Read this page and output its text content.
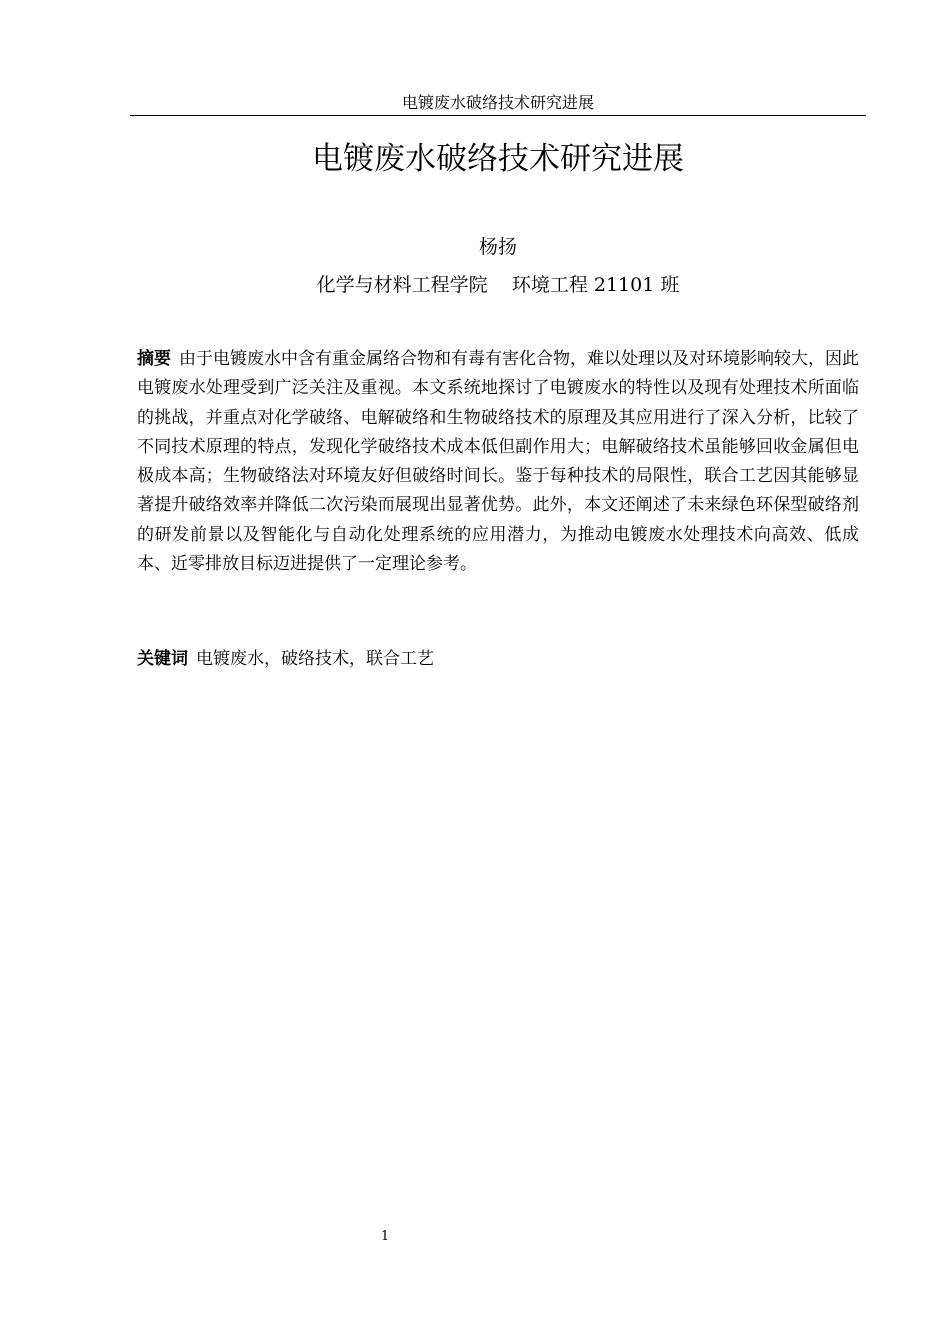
电镀废水破络技术研究进展
电镀废水破络技术研究进展
杨扬
化学与材料工程学院    环境工程 21101 班

摘要 由于电镀废水中含有重金属络合物和有毒有害化合物，难以处理以及对环境影响较大，因此电镀废水处理受到广泛关注及重视。本文系统地探讨了电镀废水的特性以及现有处理技术所面临的挑战，并重点对化学破络、电解破络和生物破络技术的原理及其应用进行了深入分析，比较了不同技术原理的特点，发现化学破络技术成本低但副作用大；电解破络技术虽能够回收金属但电极成本高；生物破络法对环境友好但破络时间长。鉴于每种技术的局限性，联合工艺因其能够显著提升破络效率并降低二次污染而展现出显著优势。此外，本文还阐述了未来绿色环保型破络剂的研发前景以及智能化与自动化处理系统的应用潜力，为推动电镀废水处理技术向高效、低成本、近零排放目标迈进提供了一定理论参考。

关键词 电镀废水，破络技术，联合工艺

1
